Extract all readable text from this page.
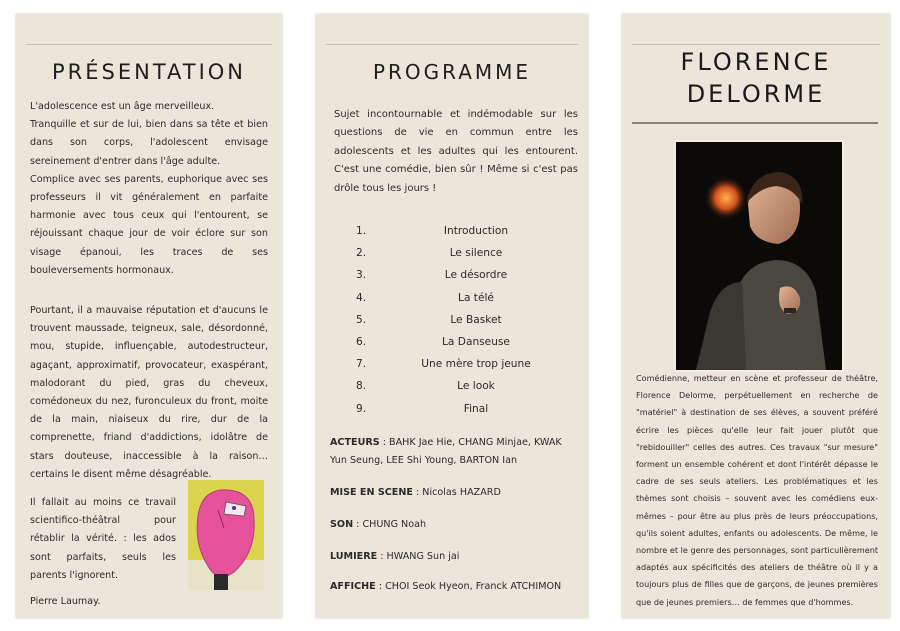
PRÉSENTATION
L'adolescence est un âge merveilleux.
Tranquille et sur de lui, bien dans sa tête et bien dans son corps, l'adolescent envisage sereinement d'entrer dans l'âge adulte.
Complice avec ses parents, euphorique avec ses professeurs il vit généralement en parfaite harmonie avec tous ceux qui l'entourent, se réjouissant chaque jour de voir éclore sur son visage épanoui, les traces de ses bouleversements hormonaux.
Pourtant, il a mauvaise réputation et d'aucuns le trouvent maussade, teigneux, sale, désordonné, mou, stupide, influençable, autodestructeur, agaçant, approximatif, provocateur, exaspérant, malodorant du pied, gras du cheveux, comédoneux du nez, furonculeux du front, moite de la main, niaiseux du rire, dur de la comprenette, friand d'addictions, idolâtre de stars douteuse, inaccessible à la raison… certains le disent même désagréable.
Il fallait au moins ce travail scientifico-théâtral pour rétablir la vérité. : les ados sont parfaits, seuls les parents l'ignorent.
Pierre Laumay.
PROGRAMME
Sujet incontournable et indémodable sur les questions de vie en commun entre les adolescents et les adultes qui les entourent. C'est une comédie, bien sûr ! Même si c'est pas drôle tous les jours !
1.	Introduction
2.	Le silence
3.	Le désordre
4.	La télé
5.	Le Basket
6.	La Danseuse
7.	Une mère trop jeune
8.	Le look
9.	Final
ACTEURS : BAHK Jae Hie, CHANG Minjae, KWAK Yun Seung, LEE Shi Young, BARTON Ian
MISE EN SCENE : Nicolas HAZARD
SON : CHUNG Noah
LUMIERE : HWANG Sun jai
AFFICHE : CHOI Seok Hyeon, Franck ATCHIMON
FLORENCE
DELORME
Comédienne, metteur en scène et professeur de théâtre, Florence Delorme, perpétuellement en recherche de "matériel" à destination de ses élèves, a souvent préféré écrire les pièces qu'elle leur fait jouer plutôt que "rebidouiller" celles des autres. Ces travaux "sur mesure" forment un ensemble cohérent et dont l'intérêt dépasse le cadre de ses seuls ateliers. Les problématiques et les thèmes sont choisis – souvent avec les comédiens eux-mêmes – pour être au plus près de leurs préoccupations, qu'ils soient adultes, enfants ou adolescents. De même, le nombre et le genre des personnages, sont particulièrement adaptés aux spécificités des ateliers de théâtre où il y a toujours plus de filles que de garçons, de jeunes premières que de jeunes premiers… de femmes que d'hommes.
